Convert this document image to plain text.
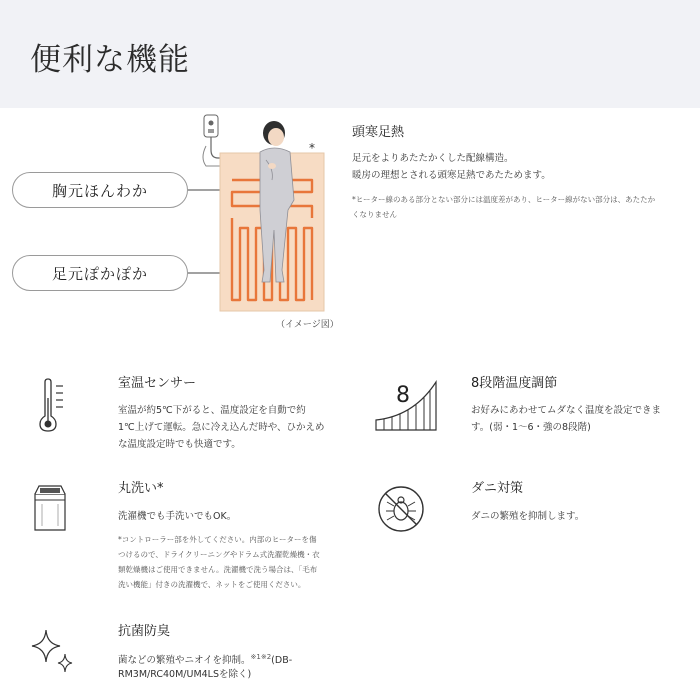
便利な機能
胸元ほんわか
足元ぽかぽか
*
（イメージ図）
頭寒足熱
足元をよりあたたかくした配線構造。
暖房の理想とされる頭寒足熱であたためます。
*ヒーター線のある部分とない部分には温度差があり、ヒーター線がない部分は、あたたか
くなりません
室温センサー
室温が約5℃下がると、温度設定を自動で約
1℃上げて運転。急に冷え込んだ時や、ひかえめ
な温度設定時でも快適です。
8	8段階温度調節
お好みにあわせてムダなく温度を設定できま
す。(弱・1～6・強の8段階)
丸洗い*
洗濯機でも手洗いでもOK。
*コントローラー部を外してください。内部のヒーターを傷
つけるので、ドライクリーニングやドラム式洗濯乾燥機・衣
類乾燥機はご使用できません。洗濯機で洗う場合は、「毛布
洗い機能」付きの洗濯機で、ネットをご使用ください。
ダニ対策
ダニの繁殖を抑制します。
抗菌防臭
菌などの繁殖やニオイを抑制。$^{※1※2}$(DB-
RM3M/RC40M/UM4LSを除く)
